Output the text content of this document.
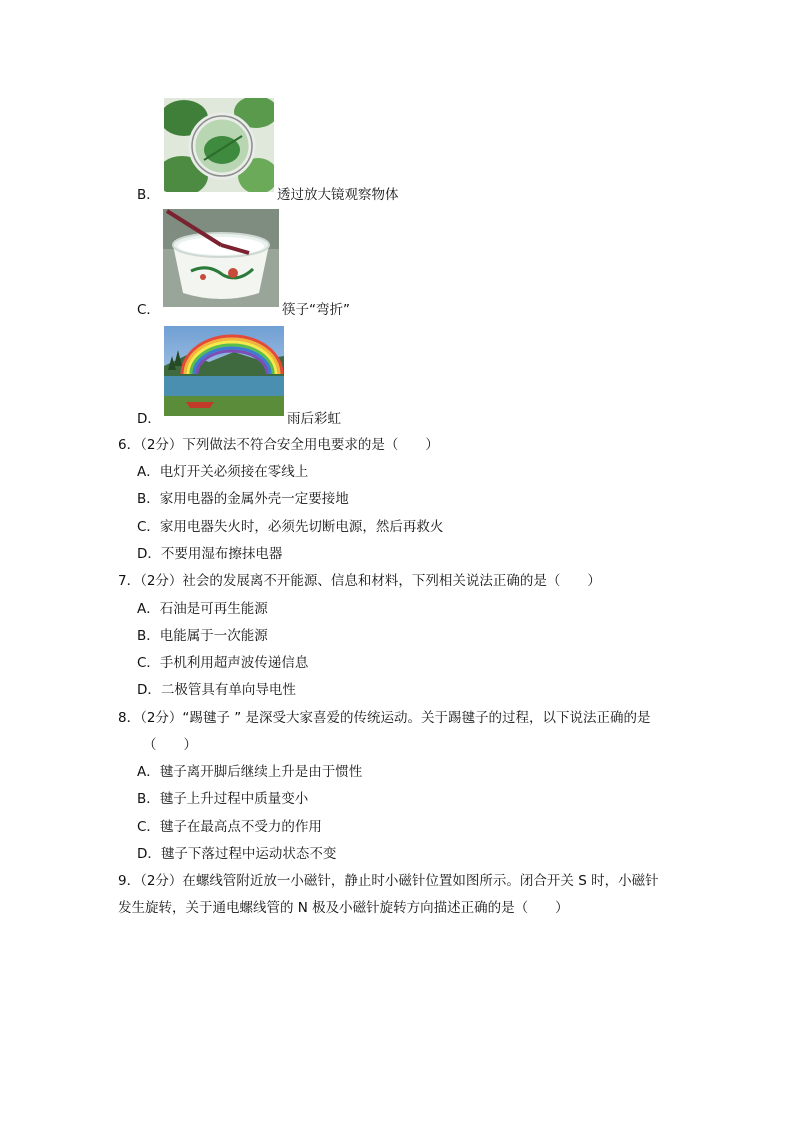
B．	透过放大镜观察物体
C．	筷子“弯折”
D．	雨后彩虹
6．（2分）下列做法不符合安全用电要求的是（　　）
A．电灯开关必须接在零线上
B．家用电器的金属外壳一定要接地
C．家用电器失火时，必须先切断电源，然后再救火
D．不要用湿布擦抹电器
7．（2分）社会的发展离不开能源、信息和材料，下列相关说法正确的是（　　）
A．石油是可再生能源
B．电能属于一次能源
C．手机利用超声波传递信息
D．二极管具有单向导电性
8．（2分）“踢毽子 ” 是深受大家喜爱的传统运动。关于踢毽子的过程，以下说法正确的是
（　　）
A．毽子离开脚后继续上升是由于惯性
B．毽子上升过程中质量变小
C．毽子在最高点不受力的作用
D．毽子下落过程中运动状态不变
9．（2分）在螺线管附近放一小磁针，静止时小磁针位置如图所示。闭合开关 S 时，小磁针
发生旋转，关于通电螺线管的 N 极及小磁针旋转方向描述正确的是（　　）
